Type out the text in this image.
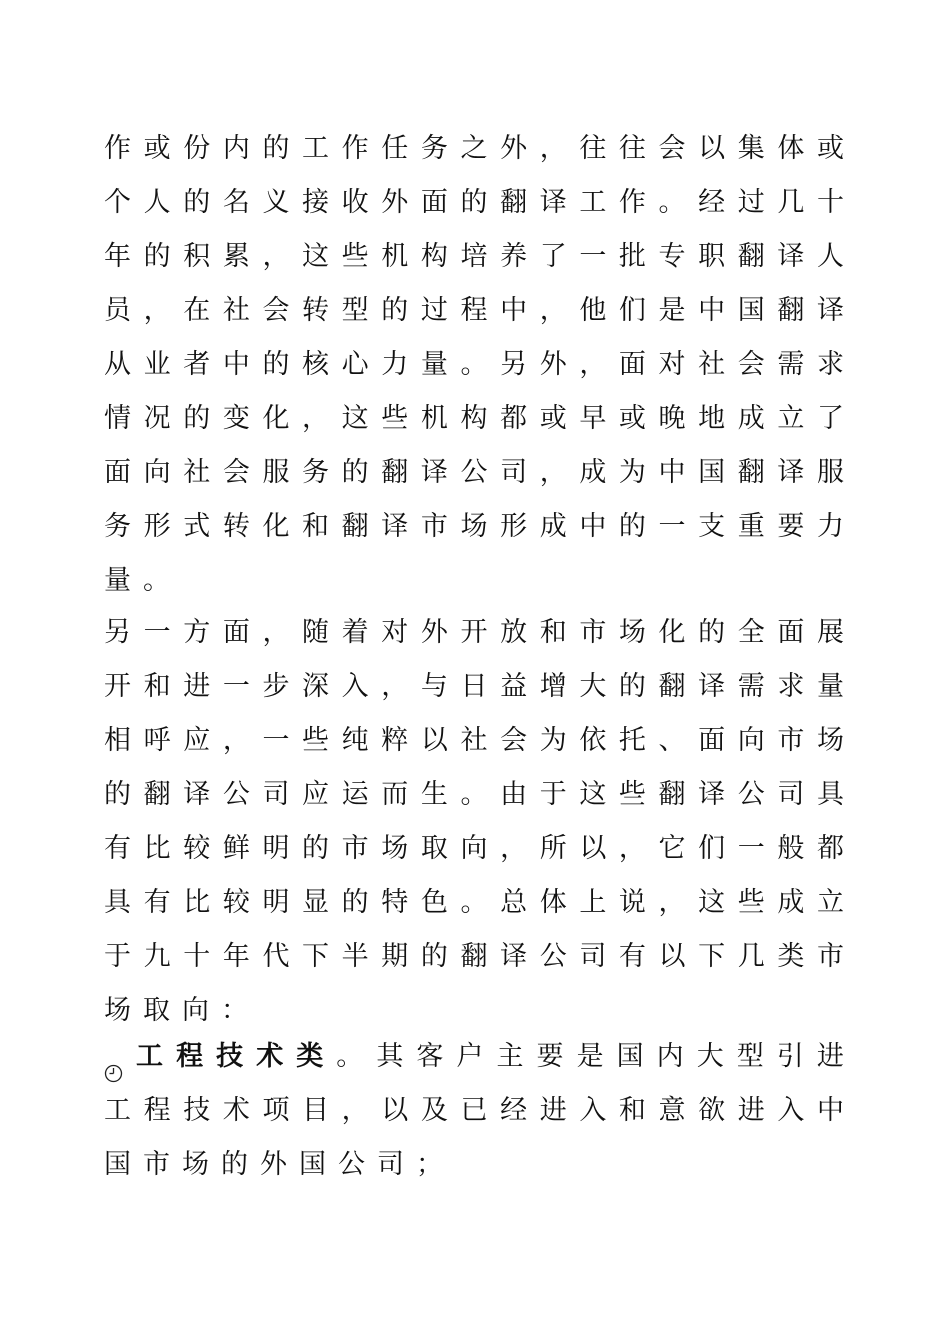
作 或 份 内 的 工 作 任 务 之 外 ， 往 往 会 以 集 体 或
个 人 的 名 义 接 收 外 面 的 翻 译 工 作 。 经 过 几 十
年 的 积 累 ， 这 些 机 构 培 养 了 一 批 专 职 翻 译 人
员 ， 在 社 会 转 型 的 过 程 中 ， 他 们 是 中 国 翻 译
从 业 者 中 的 核 心 力 量 。 另 外 ， 面 对 社 会 需 求
情 况 的 变 化 ， 这 些 机 构 都 或 早 或 晚 地 成 立 了
面 向 社 会 服 务 的 翻 译 公 司 ， 成 为 中 国 翻 译 服
务 形 式 转 化 和 翻 译 市 场 形 成 中 的 一 支 重 要 力
量 。
另 一 方 面 ， 随 着 对 外 开 放 和 市 场 化 的 全 面 展
开 和 进 一 步 深 入 ， 与 日 益 增 大 的 翻 译 需 求 量
相 呼 应 ， 一 些 纯 粹 以 社 会 为 依 托 、 面 向 市 场
的 翻 译 公 司 应 运 而 生 。 由 于 这 些 翻 译 公 司 具
有 比 较 鲜 明 的 市 场 取 向 ， 所 以 ， 它 们 一 般 都
具 有 比 较 明 显 的 特 色 。 总 体 上 说 ， 这 些 成 立
于 九 十 年 代 下 半 期 的 翻 译 公 司 有 以 下 几 类 市
场 取 向 ：
工 程 技 术 类 。 其 客 户 主 要 是 国 内 大 型 引 进
工 程 技 术 项 目 ， 以 及 已 经 进 入 和 意 欲 进 入 中
国 市 场 的 外 国 公 司 ；
